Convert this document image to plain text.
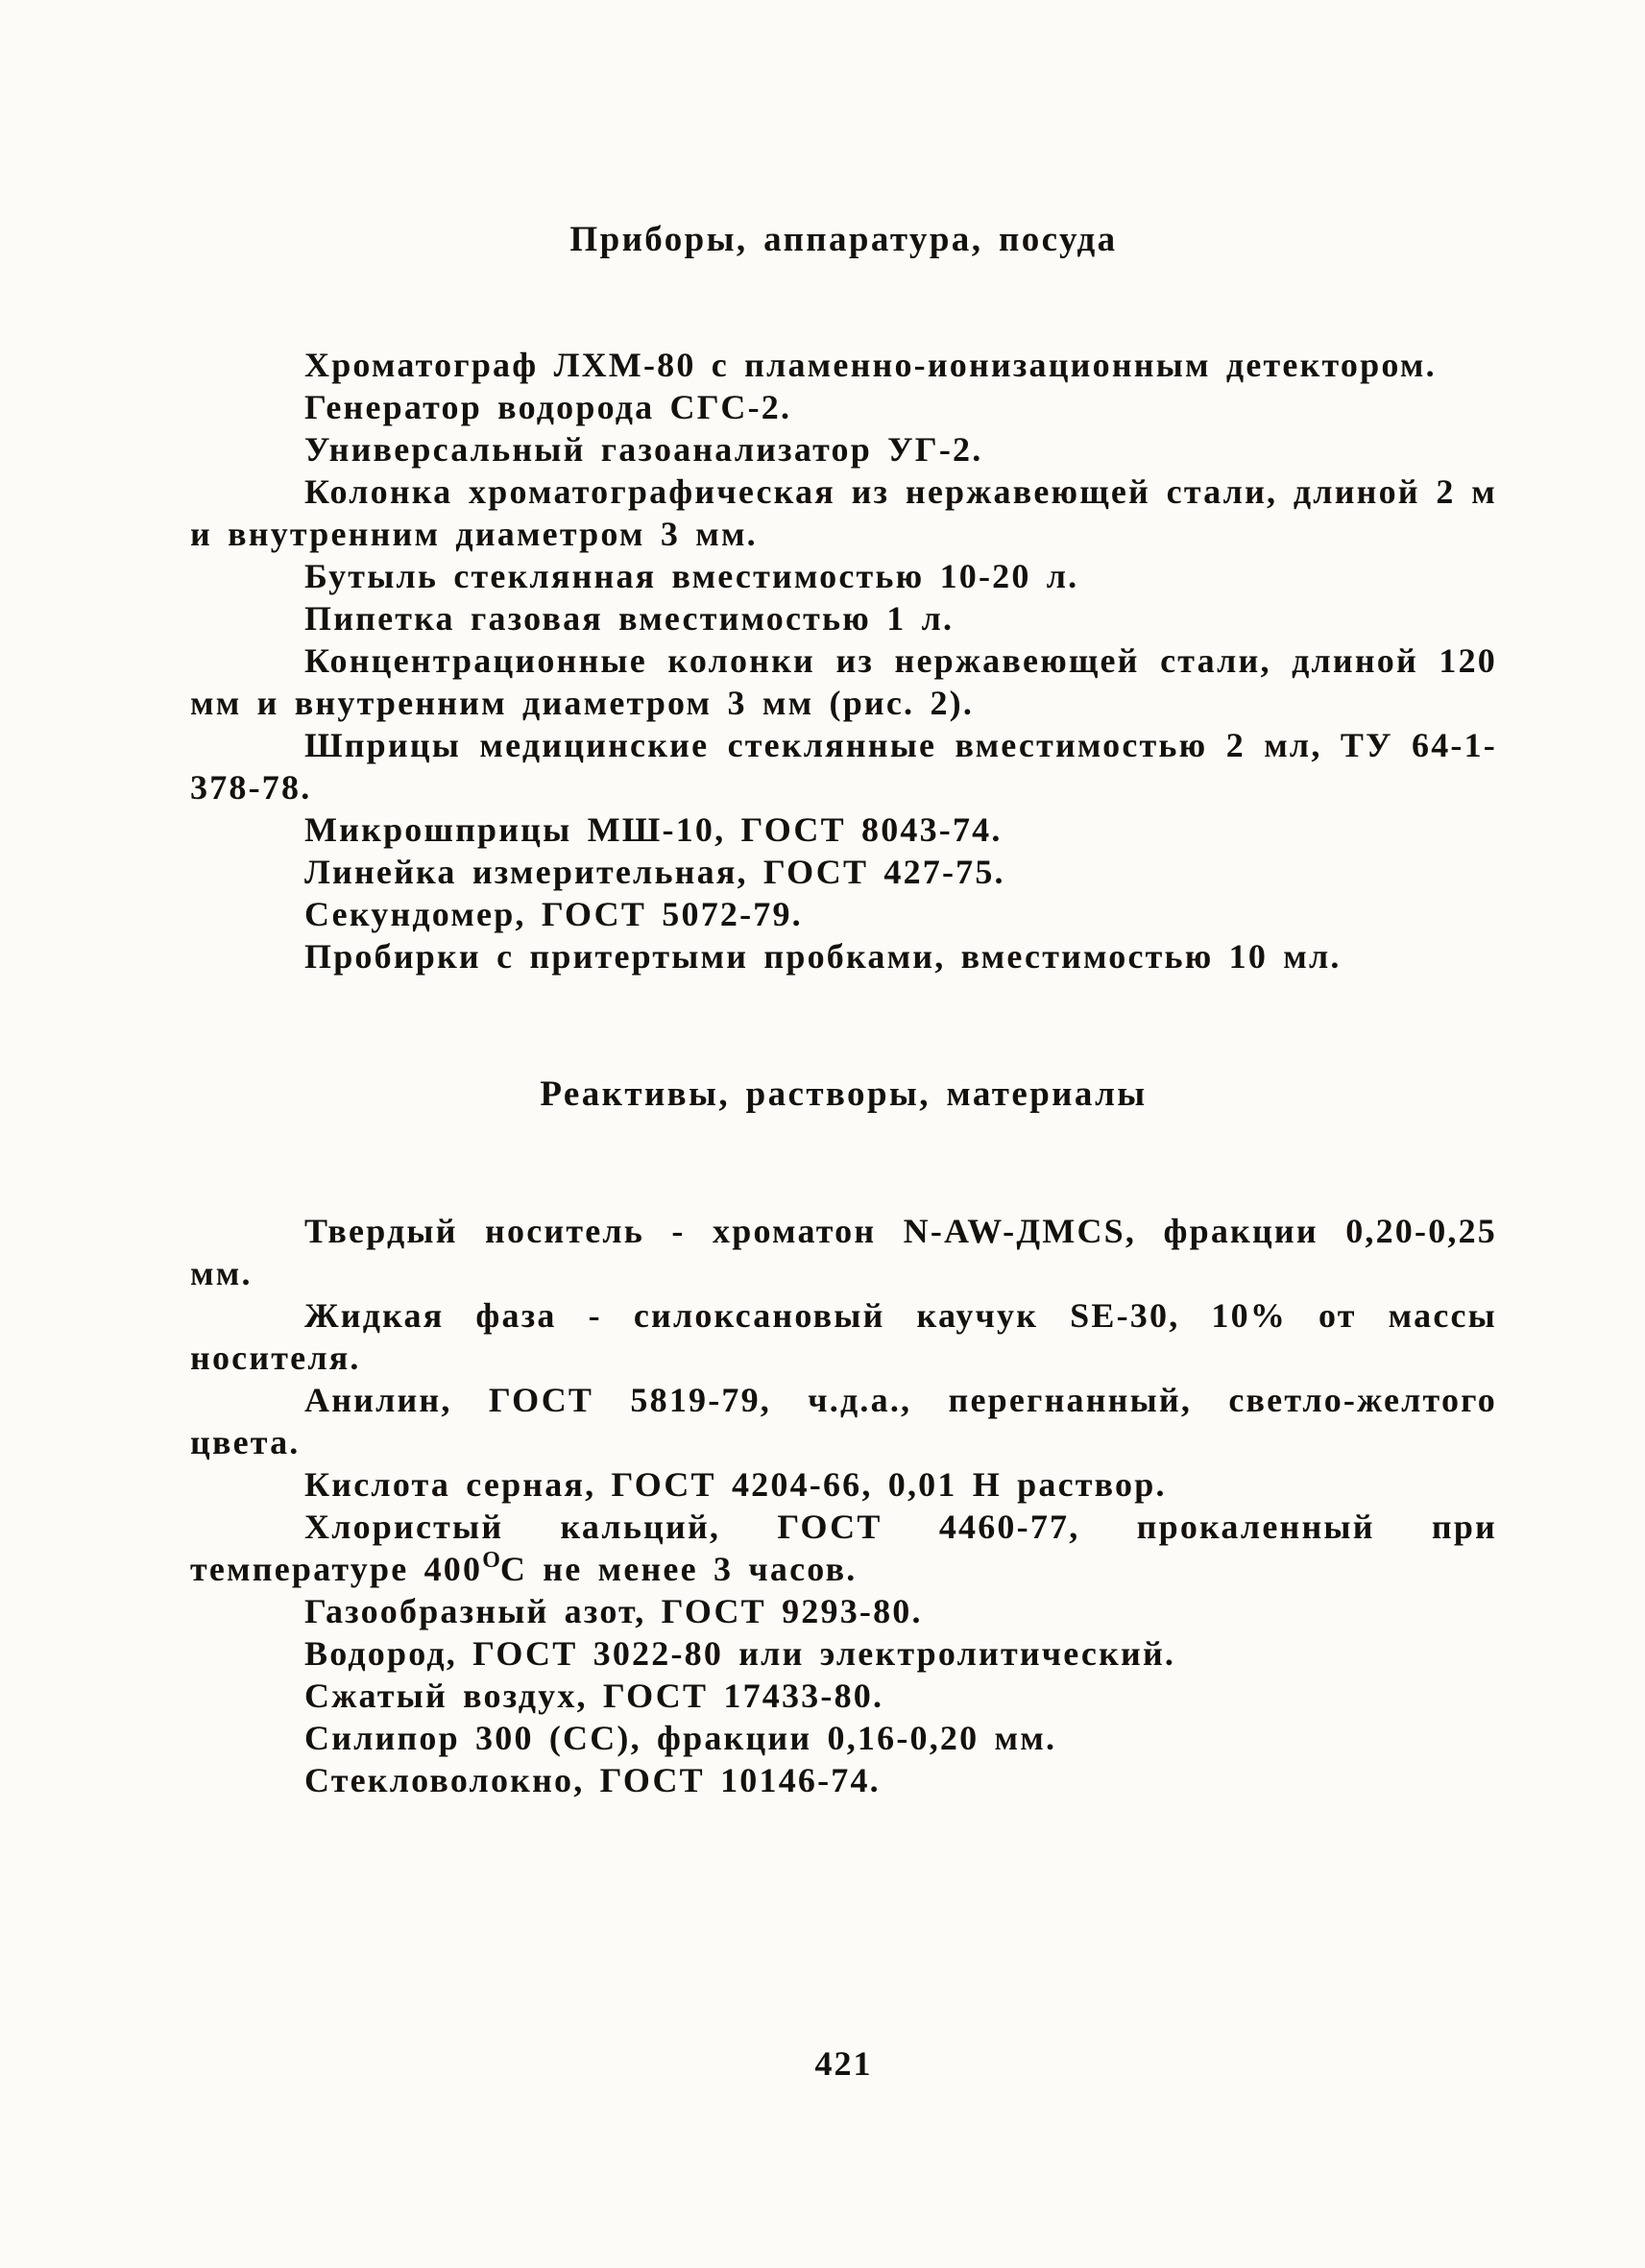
Приборы, аппаратура, посуда

Хроматограф ЛХМ-80 с пламенно-ионизационным детектором.

Генератор водорода СГС-2.

Универсальный газоанализатор УГ-2.

Колонка хроматографическая из нержавеющей стали, длиной 2 м и внутренним диаметром 3 мм.

Бутыль стеклянная вместимостью 10-20 л.

Пипетка газовая вместимостью 1 л.

Концентрационные колонки из нержавеющей стали, длиной 120 мм и внутренним диаметром 3 мм (рис. 2).

Шприцы медицинские стеклянные вместимостью 2 мл, ТУ 64-1-378-78.

Микрошприцы МШ-10, ГОСТ 8043-74.

Линейка измерительная, ГОСТ 427-75.

Секундомер, ГОСТ 5072-79.

Пробирки с притертыми пробками, вместимостью 10 мл.

Реактивы, растворы, материалы

Твердый носитель - хроматон N-AW-ДМCS, фракции 0,20-0,25 мм.

Жидкая фаза - силоксановый каучук SE-30, 10% от массы носителя.

Анилин, ГОСТ 5819-79, ч.д.а., перегнанный, светло-желтого цвета.

Кислота серная, ГОСТ 4204-66, 0,01 Н раствор.

Хлористый кальций, ГОСТ 4460-77, прокаленный при температуре $400^ОС$ не менее 3 часов.

Газообразный азот, ГОСТ 9293-80.

Водород, ГОСТ 3022-80 или электролитический.

Сжатый воздух, ГОСТ 17433-80.

Силипор 300 (СС), фракции 0,16-0,20 мм.

Стекловолокно, ГОСТ 10146-74.

421
